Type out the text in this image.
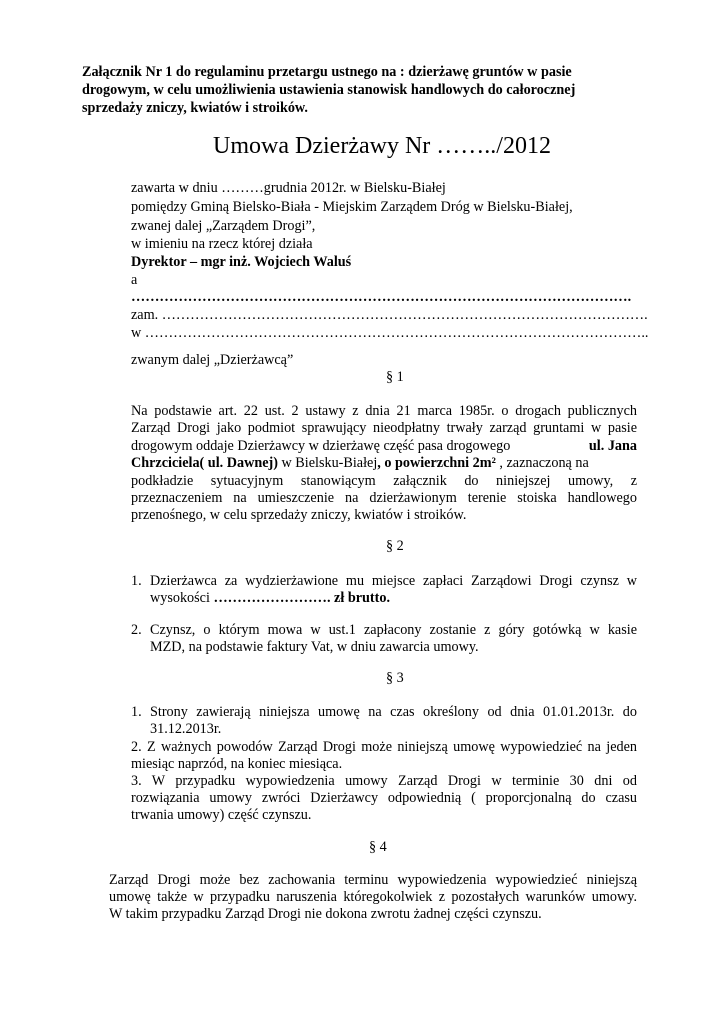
Załącznik Nr 1 do regulaminu przetargu ustnego na : dzierżawę gruntów w pasie
drogowym, w celu umożliwienia ustawienia stanowisk handlowych do całorocznej
sprzedaży zniczy, kwiatów i stroików.
Umowa Dzierżawy Nr ……../2012
zawarta w dniu ………grudnia 2012r. w Bielsku-Białej
pomiędzy Gminą Bielsko-Biała - Miejskim Zarządem Dróg w Bielsku-Białej,
zwanej dalej „Zarządem Drogi”,
w imieniu na rzecz której działa
Dyrektor – mgr inż. Wojciech Waluś
a
…………………………………………………………………………………………….
zam. ………………………………………………………………………………………….
w ……………………………………………………………………………………………..
zwanym dalej „Dzierżawcą”
§ 1
Na podstawie art. 22 ust. 2 ustawy z dnia 21 marca 1985r. o drogach publicznych
Zarząd Drogi jako podmiot sprawujący nieodpłatny trwały zarząd gruntami w pasie
drogowym oddaje Dzierżawcy w dzierżawę część pasa drogowego	ul. Jana
Chrzciciela( ul. Dawnej) w Bielsku-Białej, o powierzchni 2m² , zaznaczoną na
podkładzie sytuacyjnym stanowiącym załącznik do niniejszej umowy, z
przeznaczeniem na umieszczenie na dzierżawionym terenie stoiska handlowego
przenośnego, w celu sprzedaży zniczy, kwiatów i stroików.
§ 2
1. Dzierżawca za wydzierżawione mu miejsce zapłaci Zarządowi Drogi czynsz w
wysokości ……………………. zł brutto.
2. Czynsz, o którym mowa w ust.1 zapłacony zostanie z góry gotówką w kasie
MZD, na podstawie faktury Vat, w dniu zawarcia umowy.
§ 3
1. Strony zawierają niniejsza umowę na czas określony od dnia 01.01.2013r. do
31.12.2013r.
2. Z ważnych powodów Zarząd Drogi może niniejszą umowę wypowiedzieć na jeden
miesiąc naprzód, na koniec miesiąca.
3. W przypadku wypowiedzenia umowy Zarząd Drogi w terminie 30 dni od
rozwiązania umowy zwróci Dzierżawcy odpowiednią ( proporcjonalną do czasu
trwania umowy) część czynszu.
§ 4
Zarząd Drogi może bez zachowania terminu wypowiedzenia wypowiedzieć niniejszą
umowę także w przypadku naruszenia któregokolwiek z pozostałych warunków umowy.
W takim przypadku Zarząd Drogi nie dokona zwrotu żadnej części czynszu.
